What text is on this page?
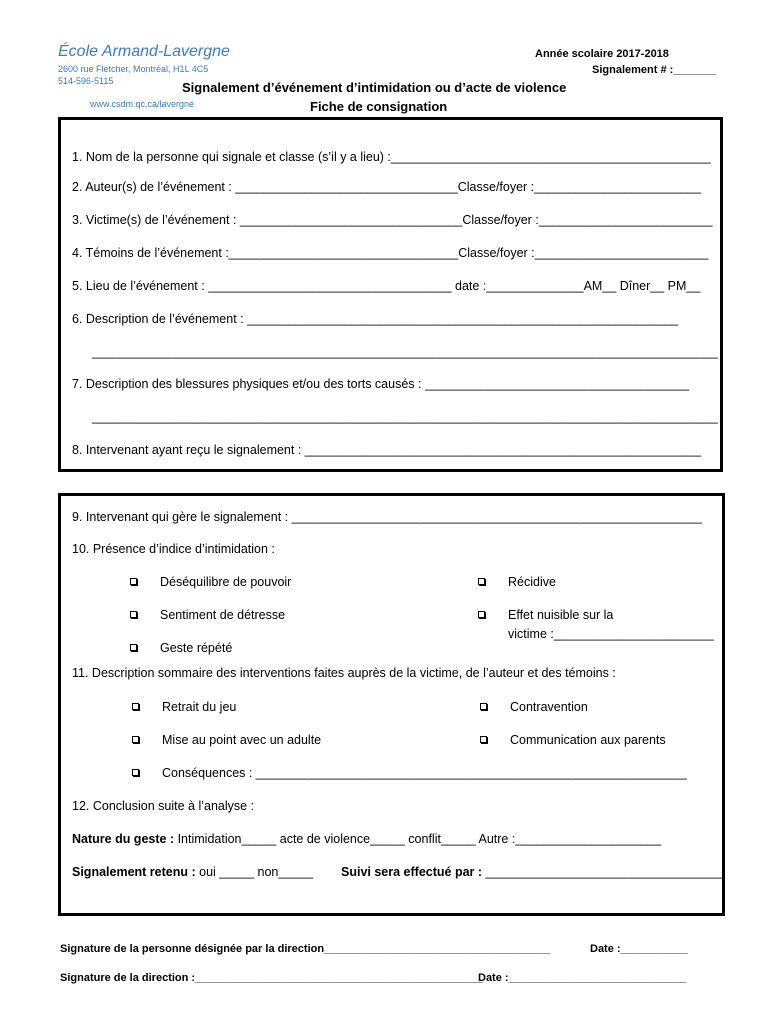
École Armand-Lavergne
2600 rue Fletcher, Montréal, H1L 4C5
514-596-5115
www.csdm.qc.ca/lavergne
Année scolaire 2017-2018
Signalement # :_______
Signalement d’événement d’intimidation ou d’acte de violence
Fiche de consignation
1. Nom de la personne qui signale et classe (s’il y a lieu) :______________________________________________
2. Auteur(s) de l’événement : ________________________________Classe/foyer :________________________
3. Victime(s) de l’événement : ________________________________Classe/foyer :_________________________
4. Témoins de l’événement :_________________________________Classe/foyer :_________________________
5. Lieu de l’événement : ___________________________________ date :______________AM__ Dîner__ PM__
6. Description de l’événement : ______________________________________________________________
__________________________________________________________________________________________
7. Description des blessures physiques et/ou des torts causés : ______________________________________
__________________________________________________________________________________________
8. Intervenant ayant reçu le signalement : _________________________________________________________
9. Intervenant qui gère le signalement : ___________________________________________________________
10. Présence d’indice d’intimidation :
Déséquilibre de pouvoir	Récidive
Sentiment de détresse	Effet nuisible sur la
victime :_______________________
Geste répété
11. Description sommaire des interventions faites auprès de la victime, de l’auteur et des témoins :
Retrait du jeu	Contravention
Mise au point avec un adulte	Communication aux parents
Conséquences : ______________________________________________________________
12. Conclusion suite à l’analyse :
Nature du geste : Intimidation_____ acte de violence_____ conflit_____ Autre :_____________________
Signalement retenu : oui _____ non_____ Suivi sera effectué par : __________________________________
Signature de la personne désignée par la direction_____________________________________	Date :___________
Signature de la direction :_______________________________________________
Date :_____________________________
